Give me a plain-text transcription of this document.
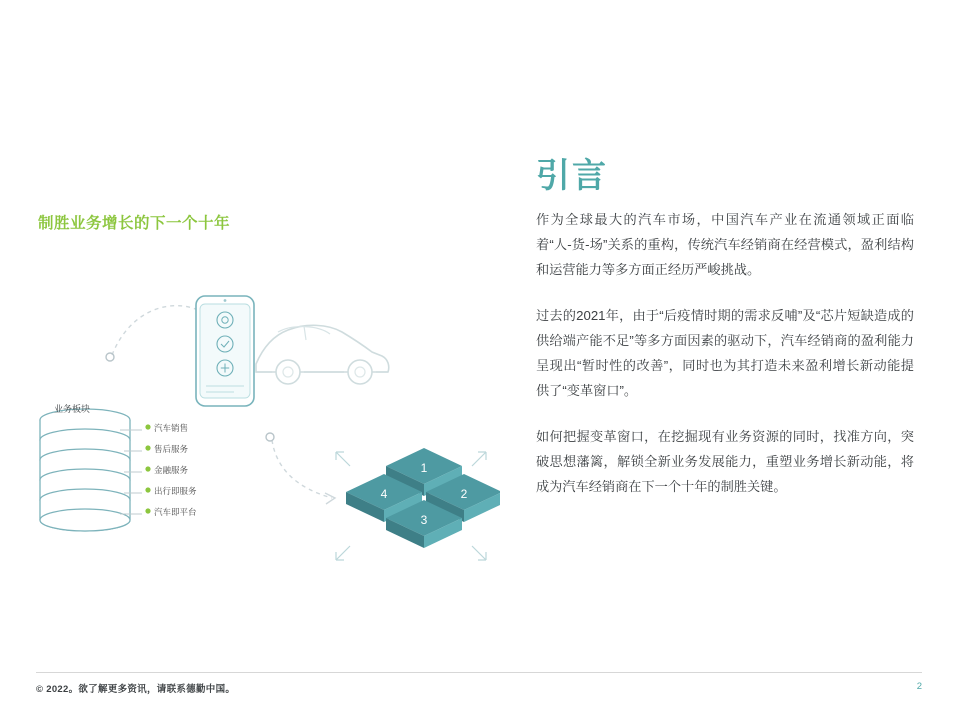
制胜业务增长的下一个十年
业务板块
汽车销售
售后服务
金融服务
出行即服务
汽车即平台
1
2
4
3
引言

作为全球最大的汽车市场，中国汽车产业在流通领域正面临着“人-货-场”关系的重构，传统汽车经销商在经营模式，盈利结构和运营能力等多方面正经历严峻挑战。

过去的2021年，由于“后疫情时期的需求反哺”及“芯片短缺造成的供给端产能不足”等多方面因素的驱动下，汽车经销商的盈利能力呈现出“暂时性的改善”，同时也为其打造未来盈利增长新动能提供了“变革窗口”。

如何把握变革窗口，在挖掘现有业务资源的同时，找准方向，突破思想藩篱，解锁全新业务发展能力，重塑业务增长新动能，将成为汽车经销商在下一个十年的制胜关键。

© 2022。欲了解更多资讯，请联系德勤中国。	2
